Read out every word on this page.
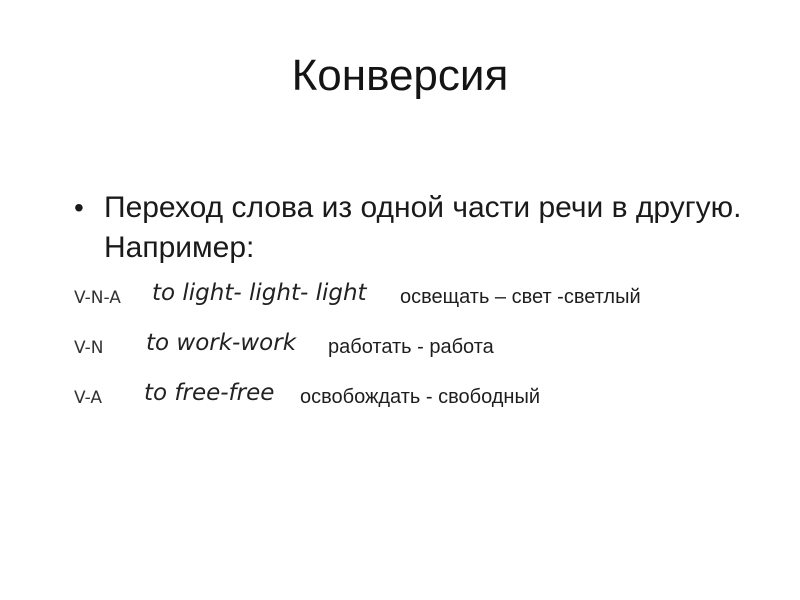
Конверсия
• Переход слова из одной части речи в другую. Например:
V-N-A to light- light- light освещать – свет -светлый
V-N to work-work работать - работа
V-A to free-free освобождать - свободный
